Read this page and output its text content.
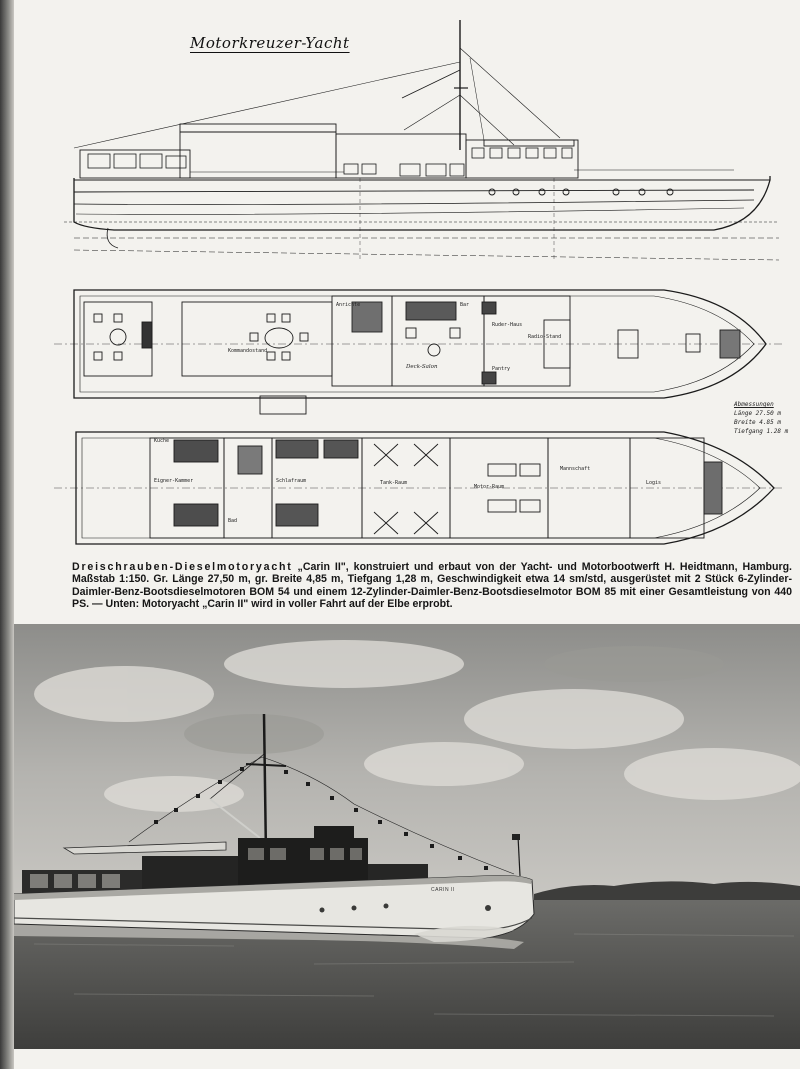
Motorkreuzer-Yacht
Deck-Salon
Kommandostand
Ruder-Haus
Anrichte
Pantry
Bar
Radio-Stand
Küche
Bad
Schlafraum	Tank-Raum
Motor-Raum
Eigner-Kammer
Mannschaft
Logis
Abmessungen
Länge 27.50 m
Breite 4.85 m
Tiefgang 1.28 m
Dreischrauben-Dieselmotoryacht „Carin II", konstruiert und erbaut von der Yacht- und Motorbootwerft H. Heidtmann, Hamburg. Maßstab 1:150. Gr. Länge 27,50 m, gr. Breite 4,85 m, Tiefgang 1,28 m, Geschwindigkeit etwa 14 sm/std, ausgerüstet mit 2 Stück 6-Zylinder-Daimler-Benz-Bootsdieselmotoren BOM 54 und einem 12-Zylinder-Daimler-Benz-Bootsdieselmotor BOM 85 mit einer Gesamtleistung von 440 PS. — Unten: Motoryacht „Carin II" wird in voller Fahrt auf der Elbe erprobt.
CARIN II
